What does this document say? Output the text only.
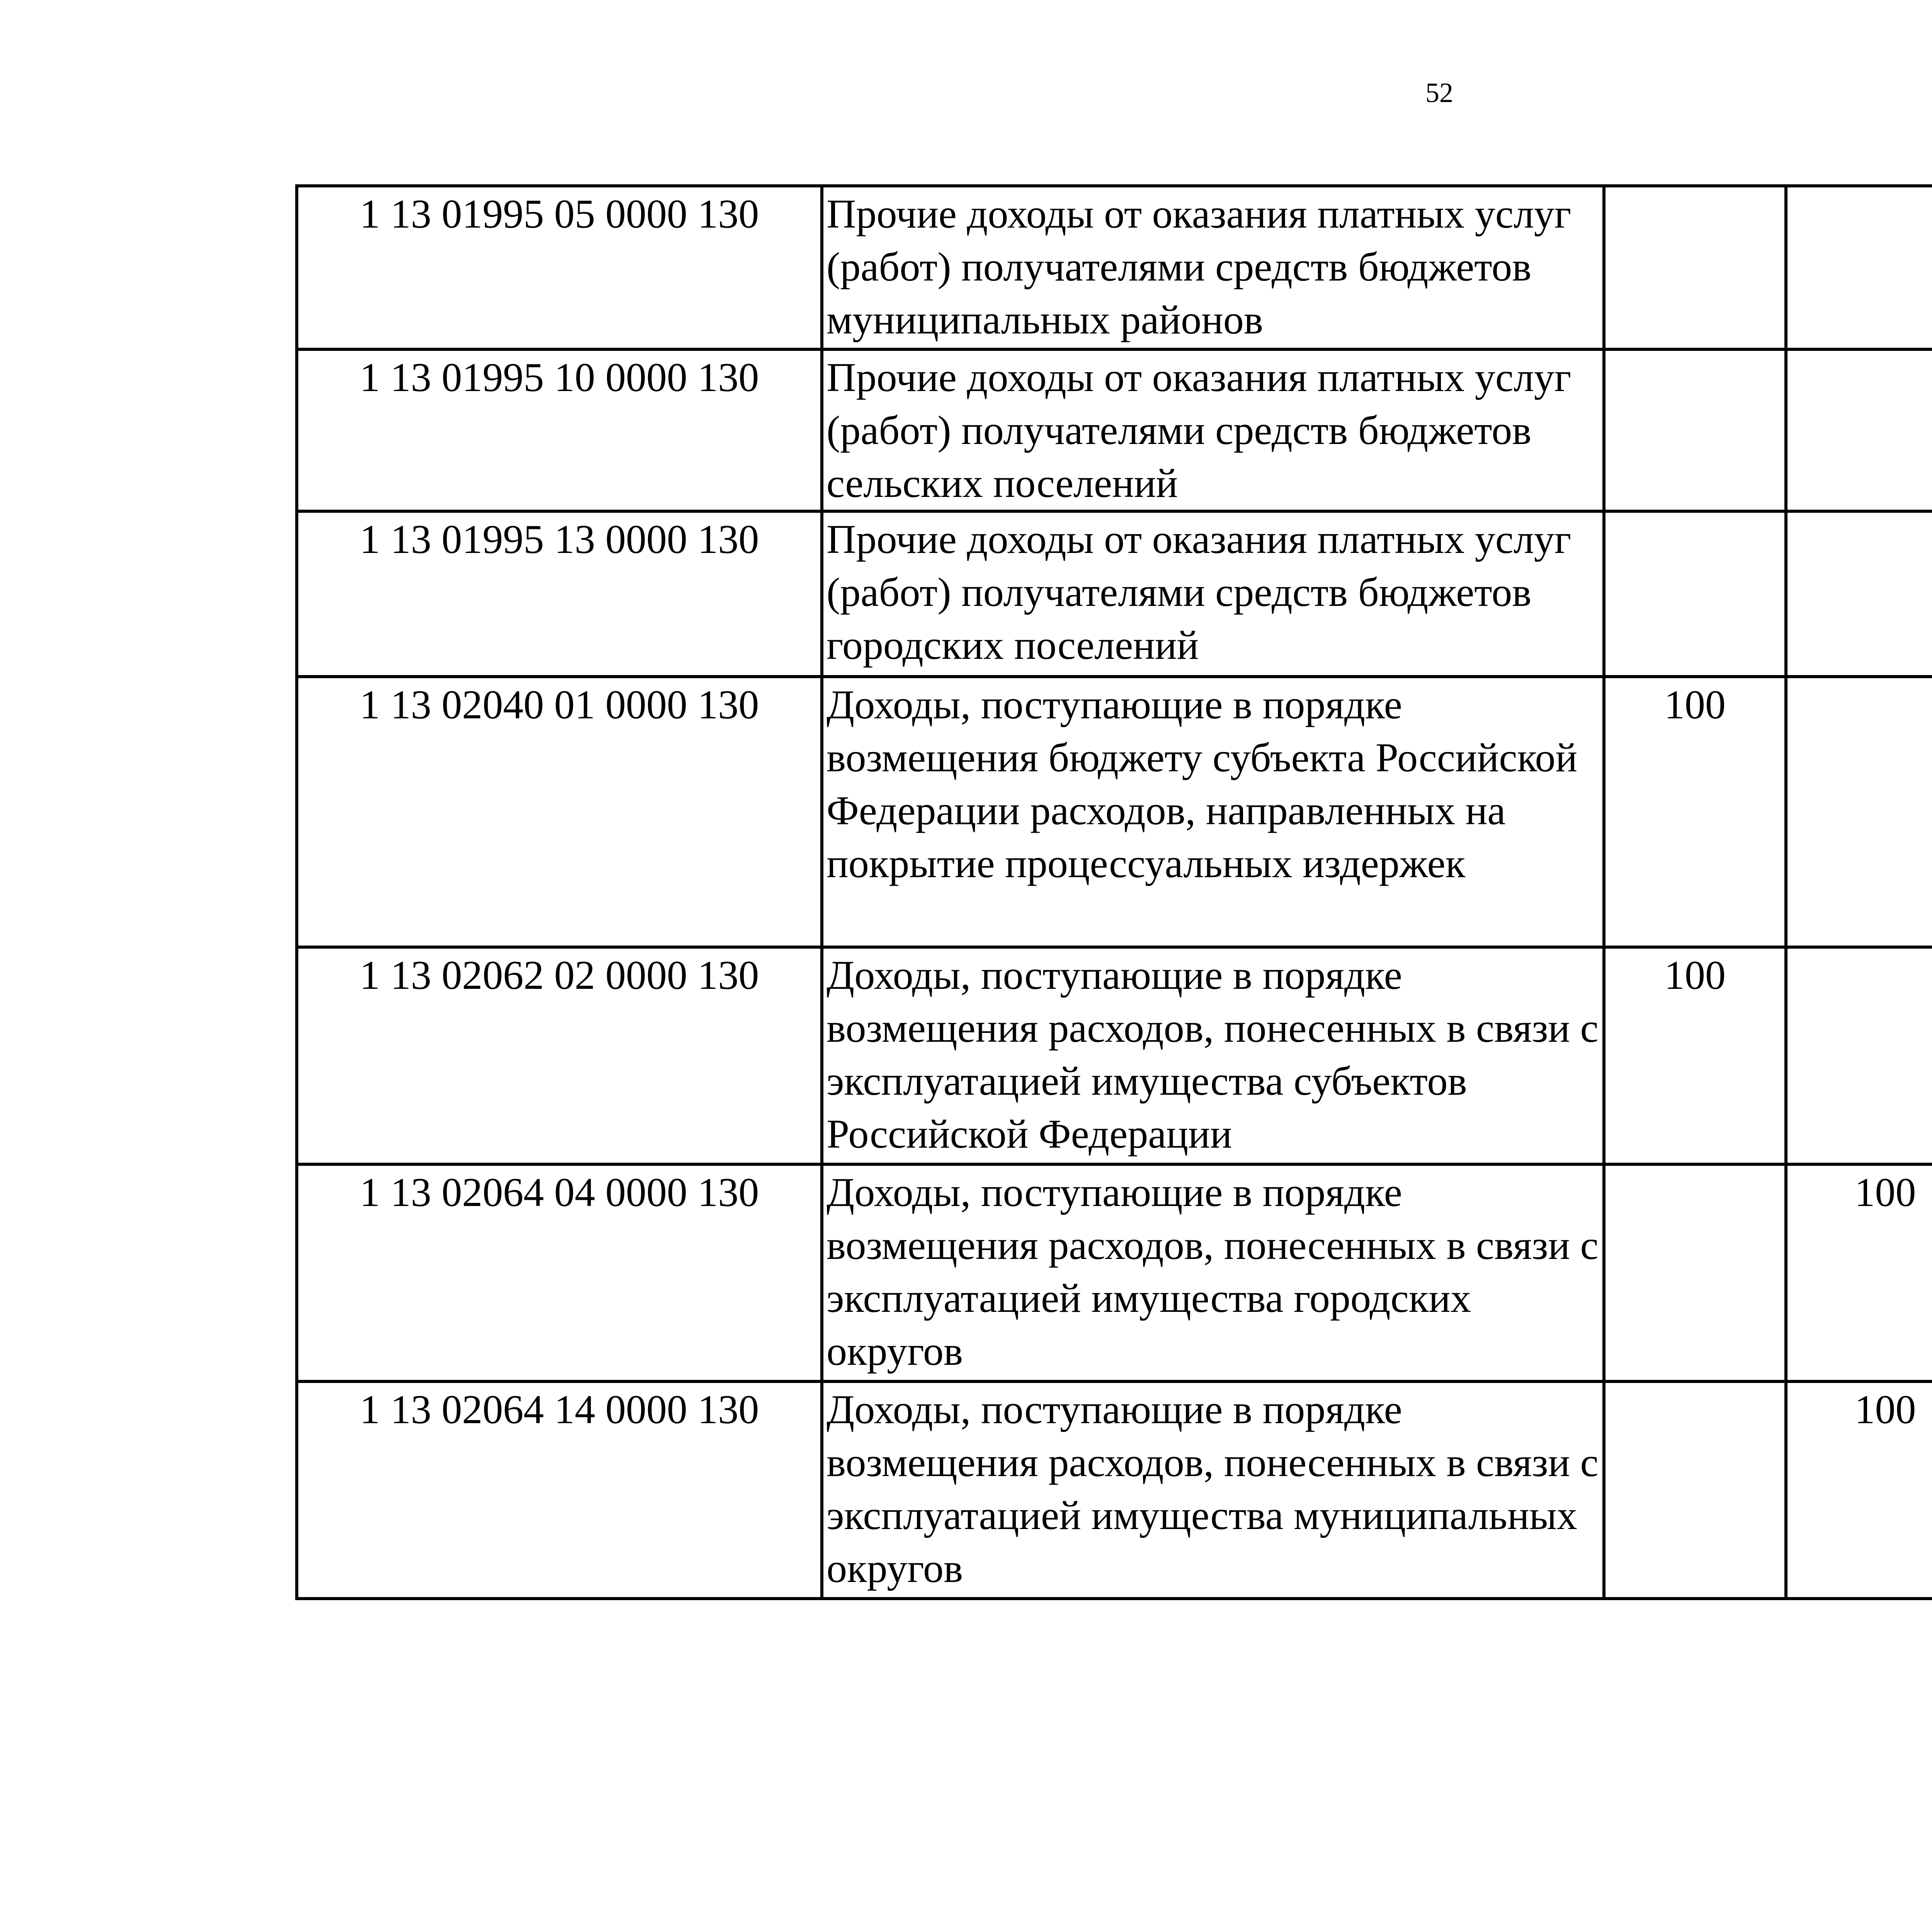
52
1 13 01995 05 0000 130	Прочие доходы от оказания платных услуг (работ) получателями средств бюджетов муниципальных районов					
1 13 01995 10 0000 130	Прочие доходы от оказания платных услуг (работ) получателями средств бюджетов сельских поселений					
1 13 01995 13 0000 130	Прочие доходы от оказания платных услуг (работ) получателями средств бюджетов городских поселений					
1 13 02040 01 0000 130	Доходы, поступающие в порядке возмещения бюджету субъекта Российской Федерации расходов, направленных на покрытие процессуальных издержек	100				
1 13 02062 02 0000 130	Доходы, поступающие в порядке возмещения расходов, понесенных в связи с эксплуатацией имущества субъектов Российской Федерации	100				
1 13 02064 04 0000 130	Доходы, поступающие в порядке возмещения расходов, понесенных в связи с эксплуатацией имущества городских округов		100			
1 13 02064 14 0000 130	Доходы, поступающие в порядке возмещения расходов, понесенных в связи с эксплуатацией имущества муниципальных округов		100			
